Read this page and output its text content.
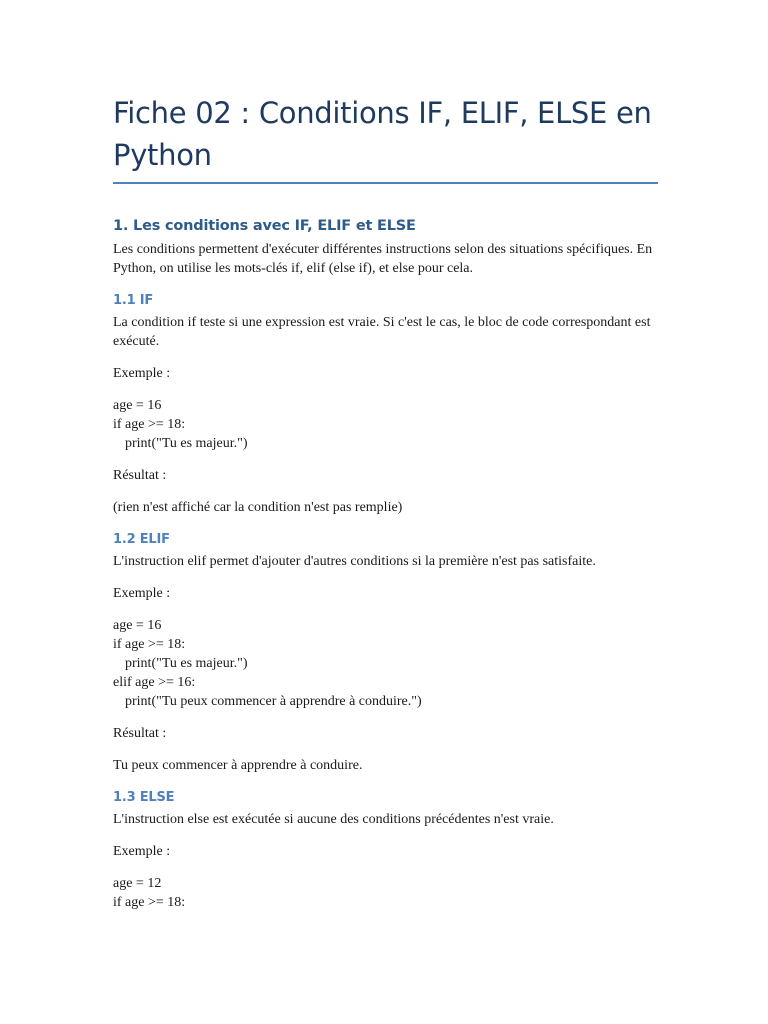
Fiche 02 : Conditions IF, ELIF, ELSE en Python
1. Les conditions avec IF, ELIF et ELSE

Les conditions permettent d'exécuter différentes instructions selon des situations spécifiques. En Python, on utilise les mots-clés if, elif (else if), et else pour cela.

1.1 IF

La condition if teste si une expression est vraie. Si c'est le cas, le bloc de code correspondant est exécuté.

Exemple :

age = 16

if age >= 18:

print("Tu es majeur.")

Résultat :

(rien n'est affiché car la condition n'est pas remplie)

1.2 ELIF

L'instruction elif permet d'ajouter d'autres conditions si la première n'est pas satisfaite.

Exemple :

age = 16

if age >= 18:

print("Tu es majeur.")

elif age >= 16:

print("Tu peux commencer à apprendre à conduire.")

Résultat :

Tu peux commencer à apprendre à conduire.

1.3 ELSE

L'instruction else est exécutée si aucune des conditions précédentes n'est vraie.

Exemple :

age = 12

if age >= 18:
